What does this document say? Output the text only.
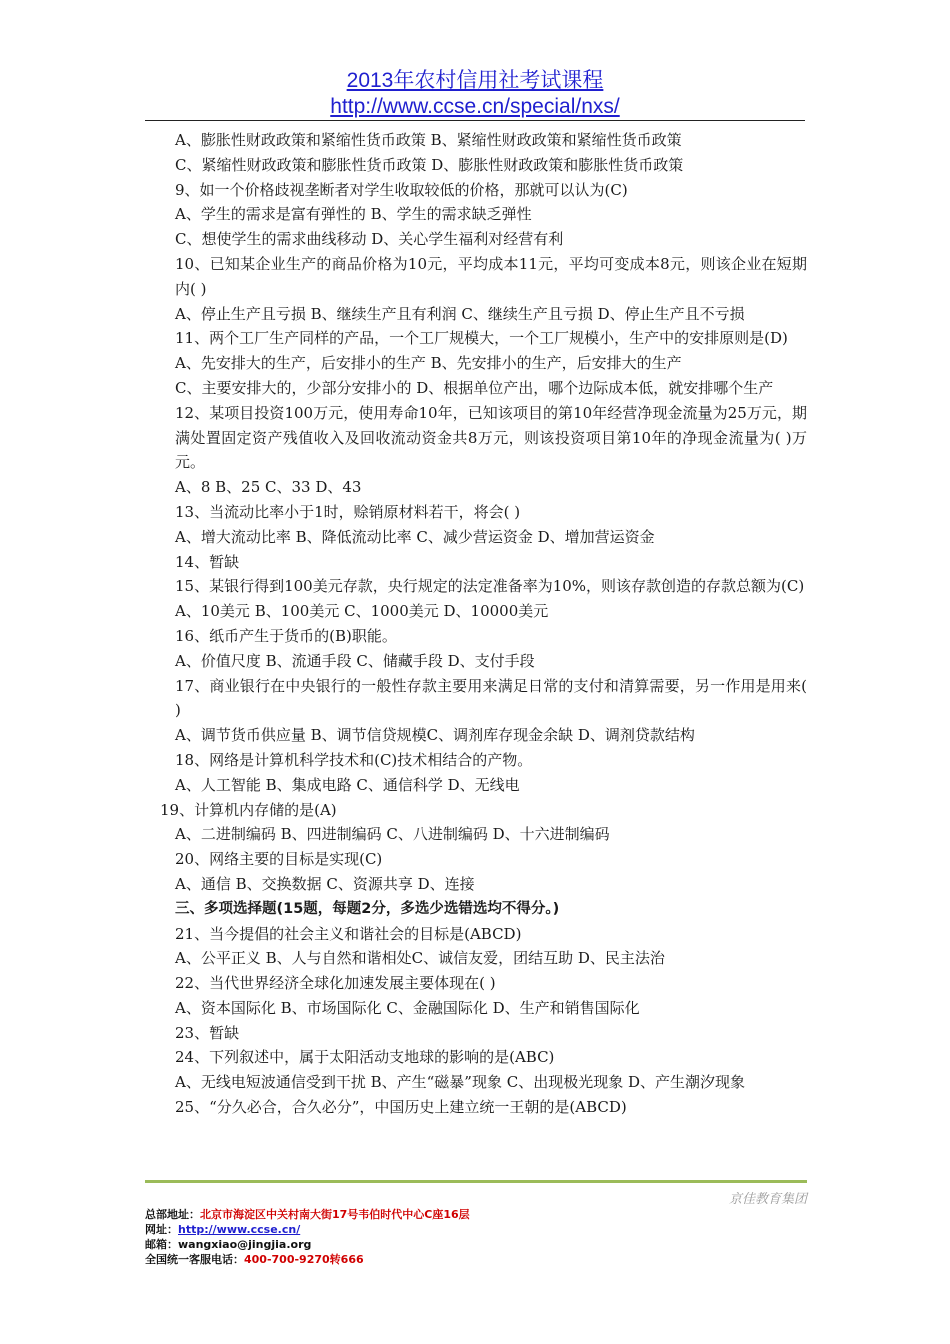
2013年农村信用社考试课程
http://www.ccse.cn/special/nxs/
A、膨胀性财政政策和紧缩性货币政策 B、紧缩性财政政策和紧缩性货币政策
C、紧缩性财政政策和膨胀性货币政策 D、膨胀性财政政策和膨胀性货币政策
9、如一个价格歧视垄断者对学生收取较低的价格，那就可以认为(C)
A、学生的需求是富有弹性的 B、学生的需求缺乏弹性
C、想使学生的需求曲线移动 D、关心学生福利对经营有利
10、已知某企业生产的商品价格为10元，平均成本11元，平均可变成本8元，则该企业在短期内( )
A、停止生产且亏损 B、继续生产且有利润 C、继续生产且亏损 D、停止生产且不亏损
11、两个工厂生产同样的产品，一个工厂规模大，一个工厂规模小，生产中的安排原则是(D)
A、先安排大的生产，后安排小的生产 B、先安排小的生产，后安排大的生产
C、主要安排大的，少部分安排小的 D、根据单位产出，哪个边际成本低，就安排哪个生产
12、某项目投资100万元，使用寿命10年，已知该项目的第10年经营净现金流量为25万元，期满处置固定资产残值收入及回收流动资金共8万元，则该投资项目第10年的净现金流量为( )万元。
A、8 B、25 C、33 D、43
13、当流动比率小于1时，赊销原材料若干，将会( )
A、增大流动比率 B、降低流动比率 C、减少营运资金 D、增加营运资金
14、暂缺
15、某银行得到100美元存款，央行规定的法定准备率为10%，则该存款创造的存款总额为(C)
A、10美元 B、100美元 C、1000美元 D、10000美元
16、纸币产生于货币的(B)职能。
A、价值尺度 B、流通手段 C、储藏手段 D、支付手段
17、商业银行在中央银行的一般性存款主要用来满足日常的支付和清算需要，另一作用是用来( )
A、调节货币供应量 B、调节信贷规模C、调剂库存现金余缺 D、调剂贷款结构
18、网络是计算机科学技术和(C)技术相结合的产物。
A、人工智能 B、集成电路 C、通信科学 D、无线电
19、计算机内存储的是(A)
A、二进制编码 B、四进制编码 C、八进制编码 D、十六进制编码
20、网络主要的目标是实现(C)
A、通信 B、交换数据 C、资源共享 D、连接
三、多项选择题(15题，每题2分，多选少选错选均不得分。)
21、当今提倡的社会主义和谐社会的目标是(ABCD)
A、公平正义 B、人与自然和谐相处C、诚信友爱，团结互助 D、民主法治
22、当代世界经济全球化加速发展主要体现在( )
A、资本国际化 B、市场国际化 C、金融国际化 D、生产和销售国际化
23、暂缺
24、下列叙述中，属于太阳活动支地球的影响的是(ABC)
A、无线电短波通信受到干扰 B、产生“磁暴”现象 C、出现极光现象 D、产生潮汐现象
25、“分久必合，合久必分”，中国历史上建立统一王朝的是(ABCD)
京佳教育集团
总部地址：北京市海淀区中关村南大街17号韦伯时代中心C座16层
网址：http://www.ccse.cn/
邮箱：wangxiao@jingjia.org
全国统一客服电话：400-700-9270转666
